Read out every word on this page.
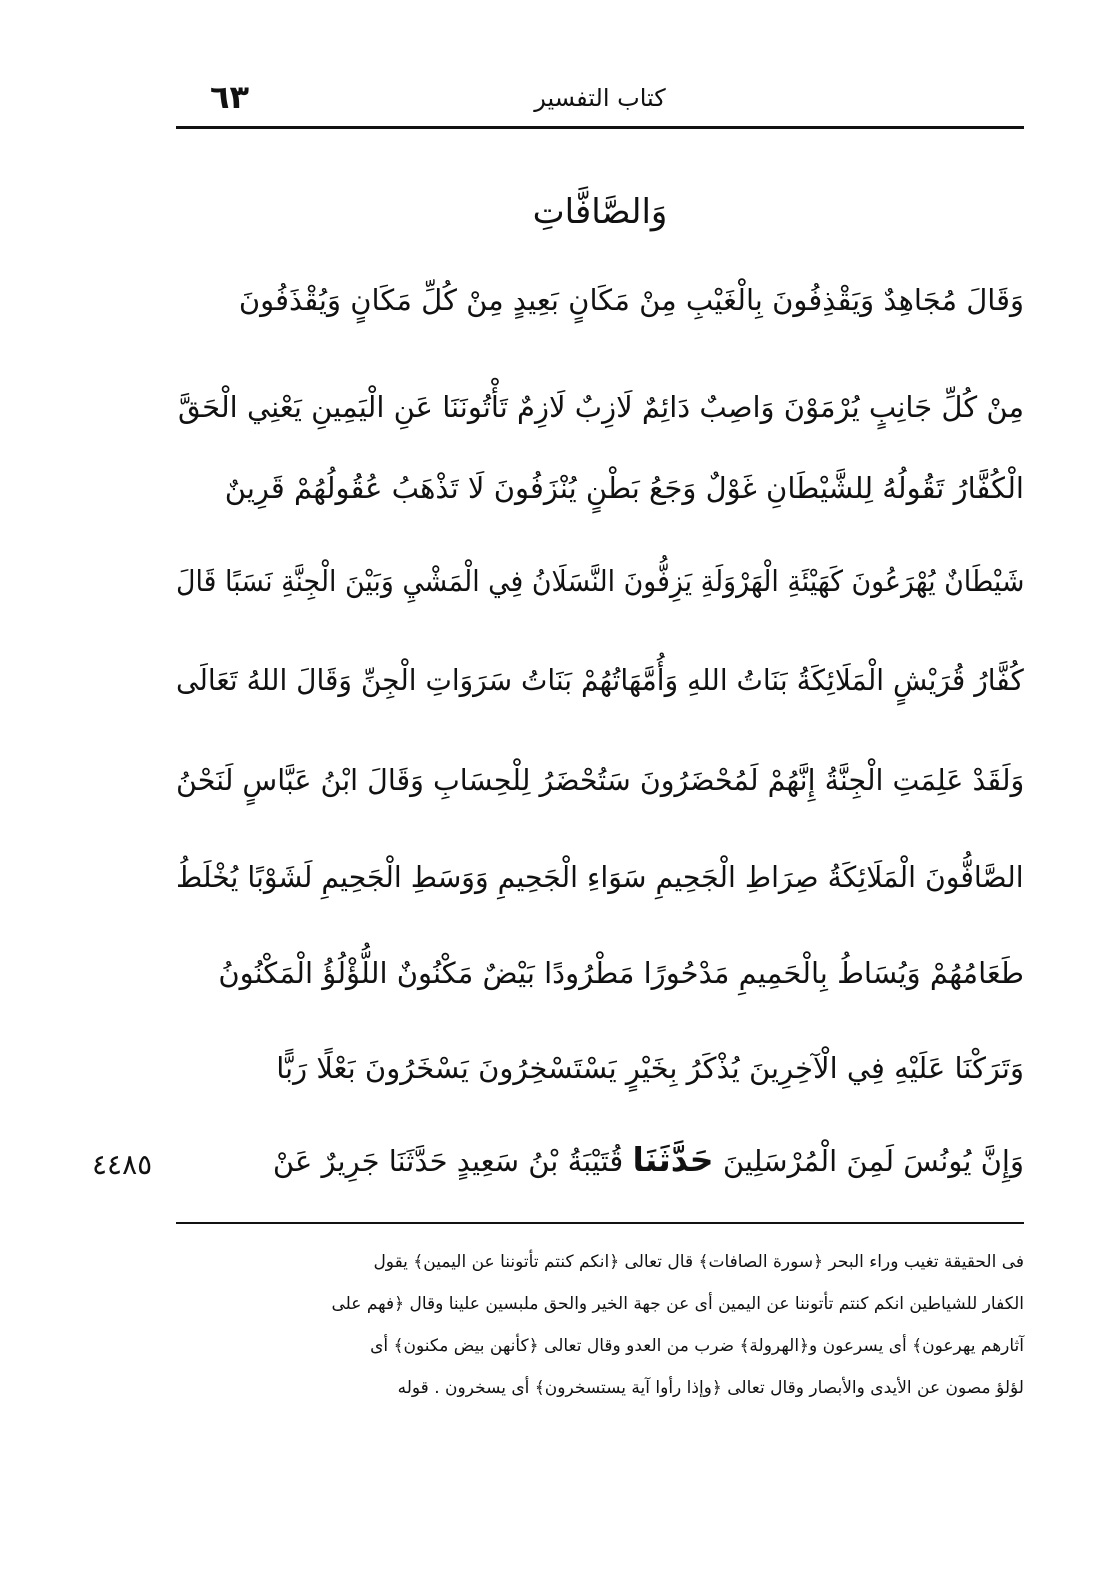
كتاب التفسير
٦٣
وَالصَّافَّاتِ
وَقَالَ مُجَاهِدٌ وَيَقْذِفُونَ بِالْغَيْبِ مِنْ مَكَانٍ بَعِيدٍ مِنْ كُلِّ مَكَانٍ وَيُقْذَفُونَ
مِنْ كُلِّ جَانِبٍ يُرْمَوْنَ وَاصِبٌ دَائِمٌ لَازِبٌ لَازِمٌ تَأْتُونَنَا عَنِ الْيَمِينِ يَعْنِي الْحَقَّ
الْكُفَّارُ تَقُولُهُ لِلشَّيْطَانِ غَوْلٌ وَجَعُ بَطْنٍ يُنْزَفُونَ لَا تَذْهَبُ عُقُولُهُمْ قَرِينٌ
شَيْطَانٌ يُهْرَعُونَ كَهَيْئَةِ الْهَرْوَلَةِ يَزِفُّونَ النَّسَلَانُ فِي الْمَشْيِ وَبَيْنَ الْجِنَّةِ نَسَبًا قَالَ
كُفَّارُ قُرَيْشٍ الْمَلَائِكَةُ بَنَاتُ اللهِ وَأُمَّهَاتُهُمْ بَنَاتُ سَرَوَاتِ الْجِنِّ وَقَالَ اللهُ تَعَالَى
وَلَقَدْ عَلِمَتِ الْجِنَّةُ إِنَّهُمْ لَمُحْضَرُونَ سَتُحْضَرُ لِلْحِسَابِ وَقَالَ ابْنُ عَبَّاسٍ لَنَحْنُ
الصَّافُّونَ الْمَلَائِكَةُ صِرَاطِ الْجَحِيمِ سَوَاءِ الْجَحِيمِ وَوَسَطِ الْجَحِيمِ لَشَوْبًا يُخْلَطُ
طَعَامُهُمْ وَيُسَاطُ بِالْحَمِيمِ مَدْحُورًا مَطْرُودًا بَيْضٌ مَكْنُونٌ اللُّؤْلُؤُ الْمَكْنُونُ
وَتَرَكْنَا عَلَيْهِ فِي الْآخِرِينَ يُذْكَرُ بِخَيْرٍ يَسْتَسْخِرُونَ يَسْخَرُونَ بَعْلًا رَبًّا
وَإِنَّ يُونُسَ لَمِنَ الْمُرْسَلِينَ حَدَّثَنَا قُتَيْبَةُ بْنُ سَعِيدٍ حَدَّثَنَا جَرِيرٌ عَنْ
٤٤٨٥
فى الحقيقة تغيب وراء البحر ﴿سورة الصافات﴾ قال تعالى ﴿انكم كنتم تأتوننا عن اليمين﴾ يقول
الكفار للشياطين انكم كنتم تأتوننا عن اليمين أى عن جهة الخير والحق ملبسين علينا وقال ﴿فهم على
آثارهم يهرعون﴾ أى يسرعون و﴿الهرولة﴾ ضرب من العدو وقال تعالى ﴿كأنهن بيض مكنون﴾ أى
لؤلؤ مصون عن الأيدى والأبصار وقال تعالى ﴿وإذا رأوا آية يستسخرون﴾ أى يسخرون . قوله
